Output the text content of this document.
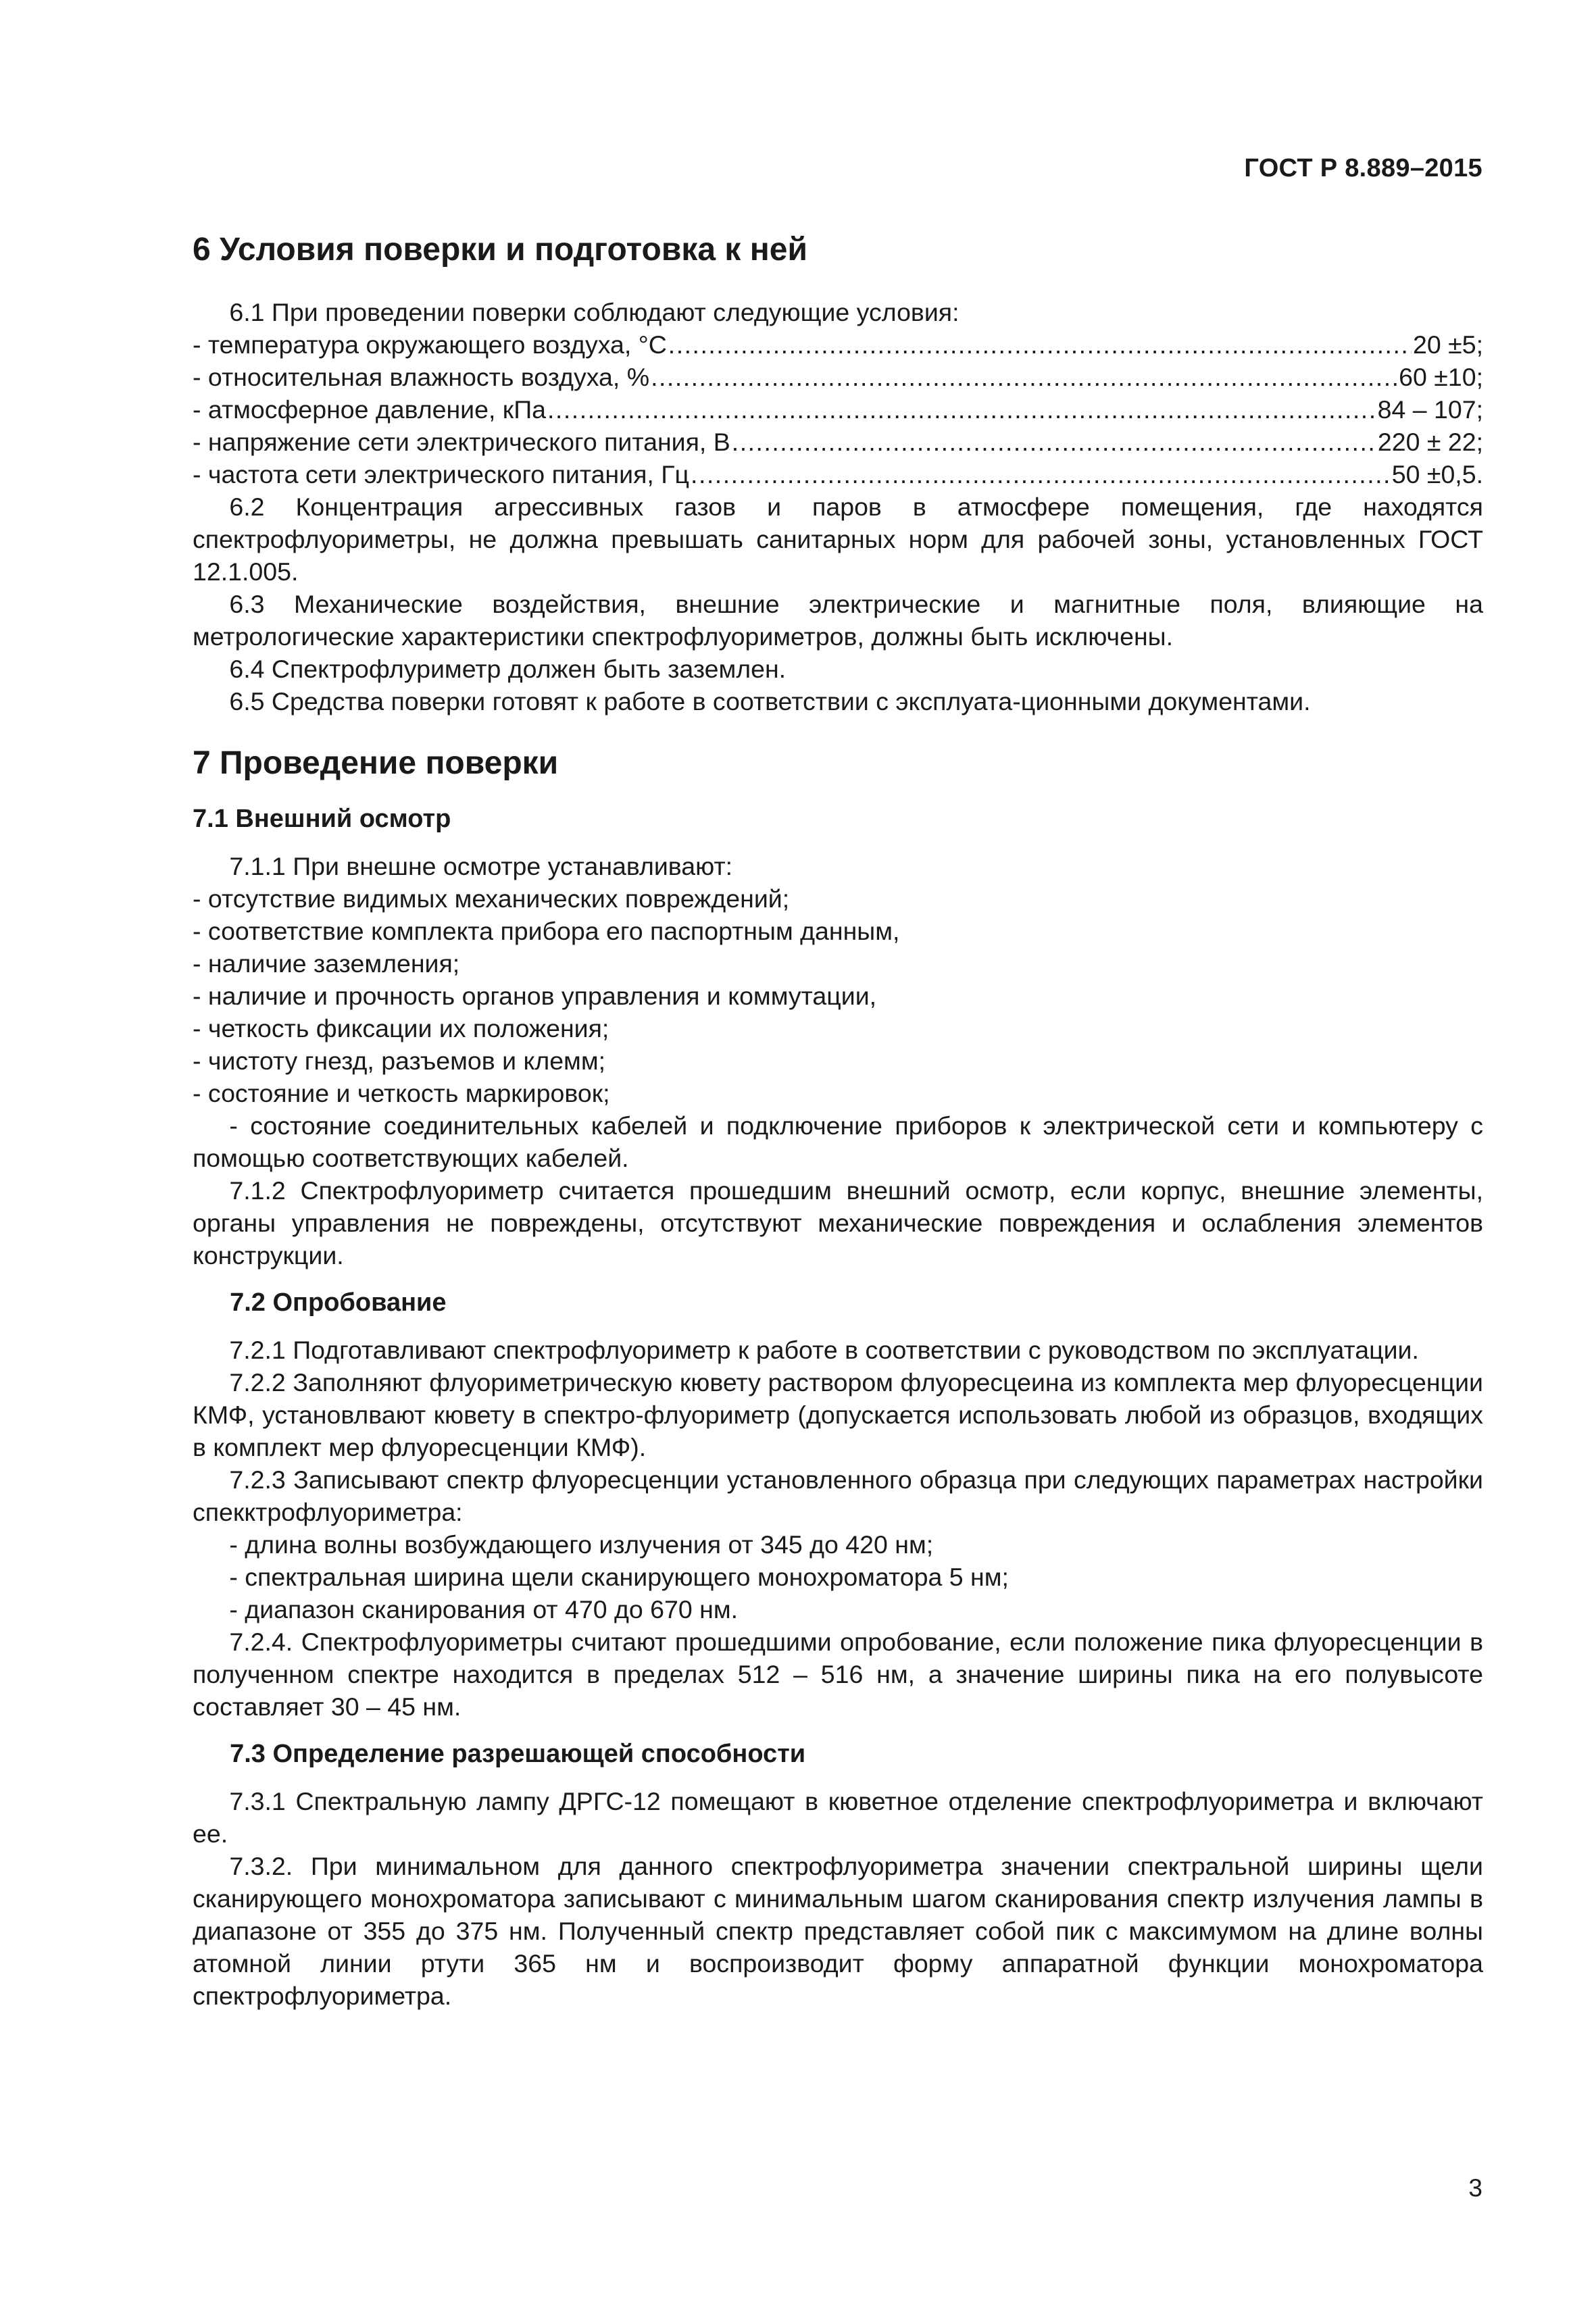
ГОСТ Р 8.889–2015
6 Условия поверки и подготовка к ней

6.1 При проведении поверки соблюдают следующие условия:

- температура окружающего воздуха, °С .....	20 ±5;
- относительная влажность воздуха, % .....	60 ±10;
- атмосферное давление, кПа .....	84 – 107;
- напряжение сети электрического питания, В .....	220 ± 22;
- частота сети электрического питания, Гц .....	50 ±0,5.

6.2 Концентрация агрессивных газов и паров в атмосфере помещения, где находятся спектрофлуориметры, не должна превышать санитарных норм для рабочей зоны, установленных ГОСТ 12.1.005.

6.3 Механические воздействия, внешние электрические и магнитные поля, влияющие на метрологические характеристики спектрофлуориметров, должны быть исключены.

6.4 Спектрофлуриметр должен быть заземлен.

6.5 Средства поверки готовят к работе в соответствии с эксплуата-ционными документами.

7 Проведение поверки
7.1 Внешний осмотр

7.1.1 При внешне осмотре устанавливают:

- отсутствие видимых механических повреждений;

- соответствие комплекта прибора его паспортным данным,

- наличие заземления;

- наличие и прочность органов управления и коммутации,

- четкость фиксации их положения;

- чистоту гнезд, разъемов и клемм;

- состояние и четкость маркировок;

- состояние соединительных кабелей и подключение приборов к электрической сети и компьютеру с помощью соответствующих кабелей.

7.1.2 Спектрофлуориметр считается прошедшим внешний осмотр, если корпус, внешние элементы, органы управления не повреждены, отсутствуют механические повреждения и ослабления элементов конструкции.

7.2 Опробование

7.2.1 Подготавливают спектрофлуориметр к работе в соответствии с руководством по эксплуатации.

7.2.2 Заполняют флуориметрическую кювету раствором флуоресцеина из комплекта мер флуоресценции КМФ, установлвают кювету в спектро-флуориметр (допускается использовать любой из образцов, входящих в комплект мер флуоресценции КМФ).

7.2.3 Записывают спектр флуоресценции установленного образца при следующих параметрах настройки спекктрофлуориметра:

- длина волны возбуждающего излучения от 345 до 420 нм;

- спектральная ширина щели сканирующего монохроматора 5 нм;

- диапазон сканирования от 470 до 670 нм.

7.2.4. Спектрофлуориметры считают прошедшими опробование, если положение пика флуоресценции в полученном спектре находится в пределах 512 – 516 нм, а значение ширины пика на его полувысоте составляет 30 – 45 нм.

7.3 Определение разрешающей способности

7.3.1 Спектральную лампу ДРГС-12 помещают в кюветное отделение спектрофлуориметра и включают ее.

7.3.2. При минимальном для данного спектрофлуориметра значении спектральной ширины щели сканирующего монохроматора записывают с минимальным шагом сканирования спектр излучения лампы в диапазоне от 355 до 375 нм. Полученный спектр представляет собой пик с максимумом на длине волны атомной линии ртути 365 нм и воспроизводит форму аппаратной функции монохроматора спектрофлуориметра.

3
